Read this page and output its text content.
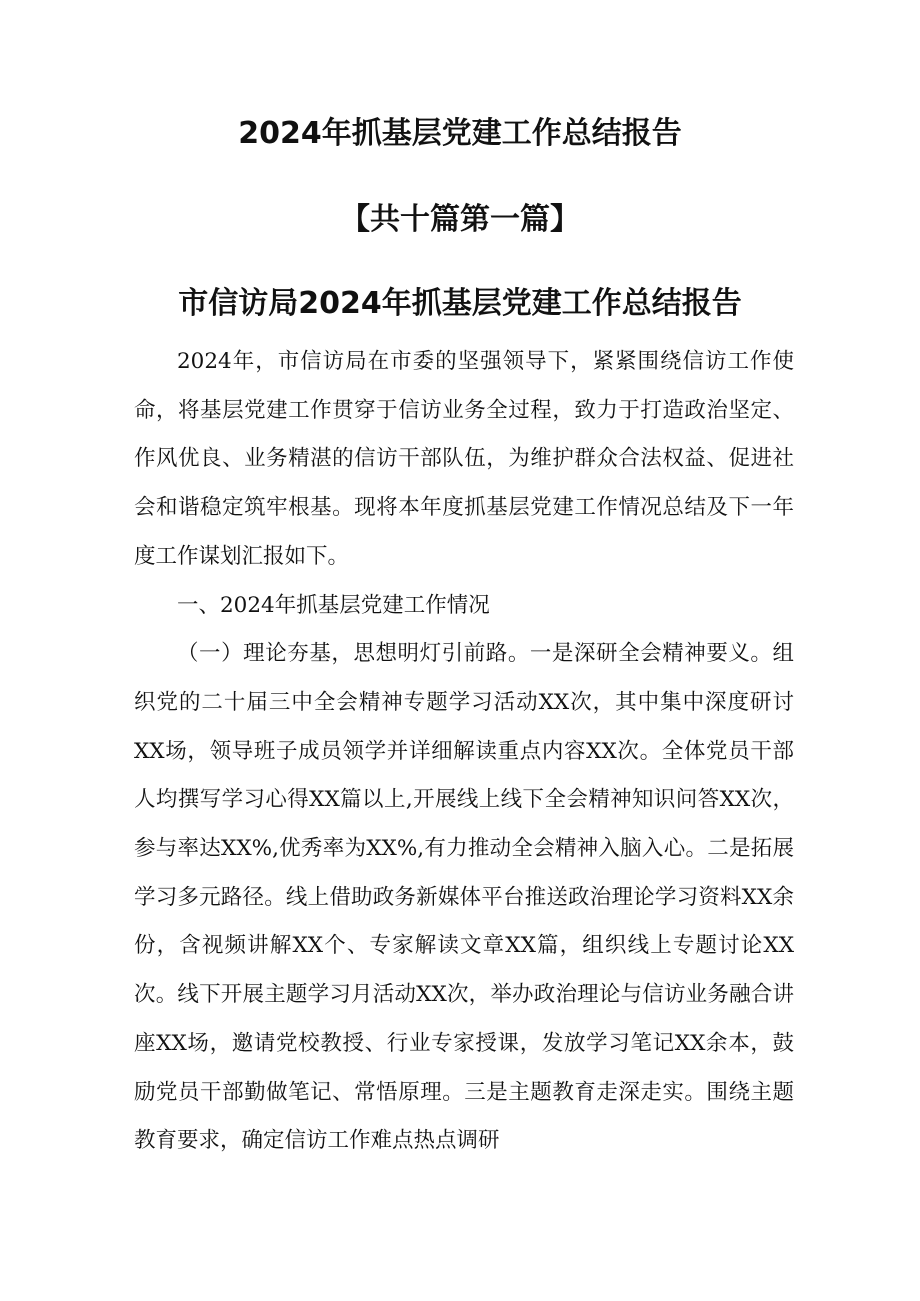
2024年抓基层党建工作总结报告
【共十篇第一篇】
市信访局2024年抓基层党建工作总结报告

2024年，市信访局在市委的坚强领导下，紧紧围绕信访工作使命，将基层党建工作贯穿于信访业务全过程，致力于打造政治坚定、作风优良、业务精湛的信访干部队伍，为维护群众合法权益、促进社会和谐稳定筑牢根基。现将本年度抓基层党建工作情况总结及下一年度工作谋划汇报如下。

一、2024年抓基层党建工作情况

（一）理论夯基，思想明灯引前路。一是深研全会精神要义。组织党的二十届三中全会精神专题学习活动XX次，其中集中深度研讨XX场，领导班子成员领学并详细解读重点内容XX次。全体党员干部人均撰写学习心得XX篇以上,开展线上线下全会精神知识问答XX次，参与率达XX%,优秀率为XX%,有力推动全会精神入脑入心。二是拓展学习多元路径。线上借助政务新媒体平台推送政治理论学习资料XX余份，含视频讲解XX个、专家解读文章XX篇，组织线上专题讨论XX次。线下开展主题学习月活动XX次，举办政治理论与信访业务融合讲座XX场，邀请党校教授、行业专家授课，发放学习笔记XX余本，鼓励党员干部勤做笔记、常悟原理。三是主题教育走深走实。围绕主题教育要求，确定信访工作难点热点调研
